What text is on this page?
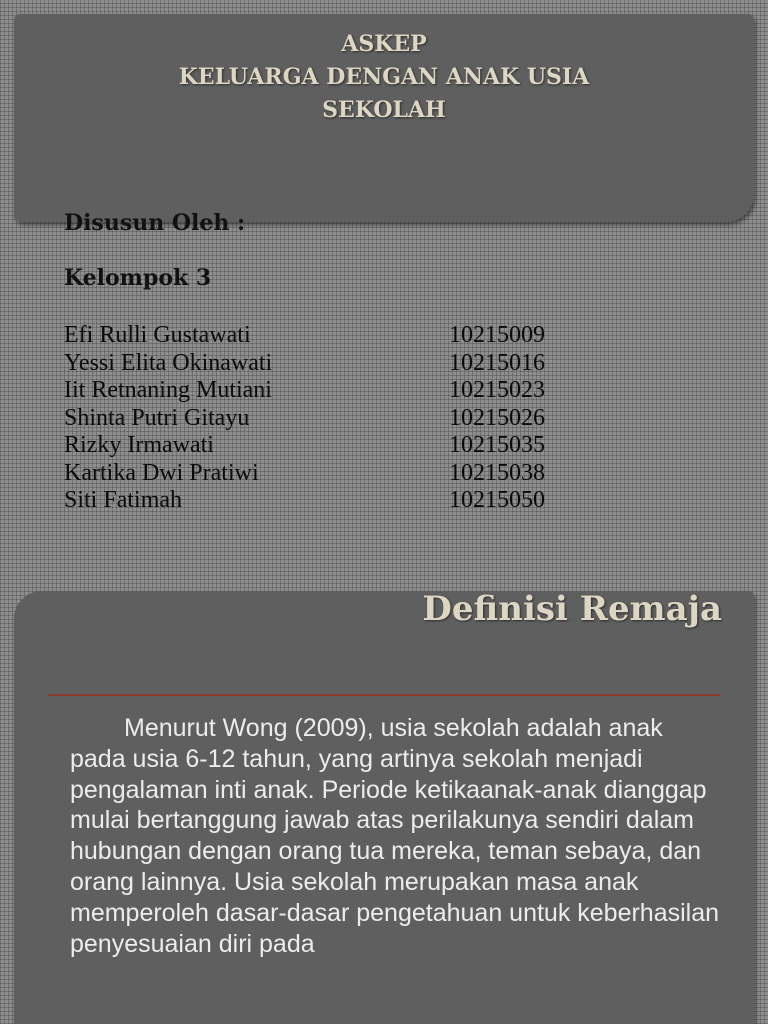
ASKEP
KELUARGA DENGAN ANAK USIA
SEKOLAH
Disusun Oleh :
Kelompok 3
Efi Rulli Gustawati	10215009
Yessi Elita Okinawati	10215016
Iit Retnaning Mutiani	10215023
Shinta Putri Gitayu	10215026
Rizky Irmawati	10215035
Kartika Dwi Pratiwi	10215038
Siti Fatimah	10215050
Definisi Remaja
Menurut Wong (2009), usia sekolah adalah anak pada usia 6-12 tahun, yang artinya sekolah menjadi pengalaman inti anak. Periode ketikaanak-anak dianggap mulai bertanggung jawab atas perilakunya sendiri dalam hubungan dengan orang tua mereka, teman sebaya, dan orang lainnya. Usia sekolah merupakan masa anak memperoleh dasar-dasar pengetahuan untuk keberhasilan penyesuaian diri pada
